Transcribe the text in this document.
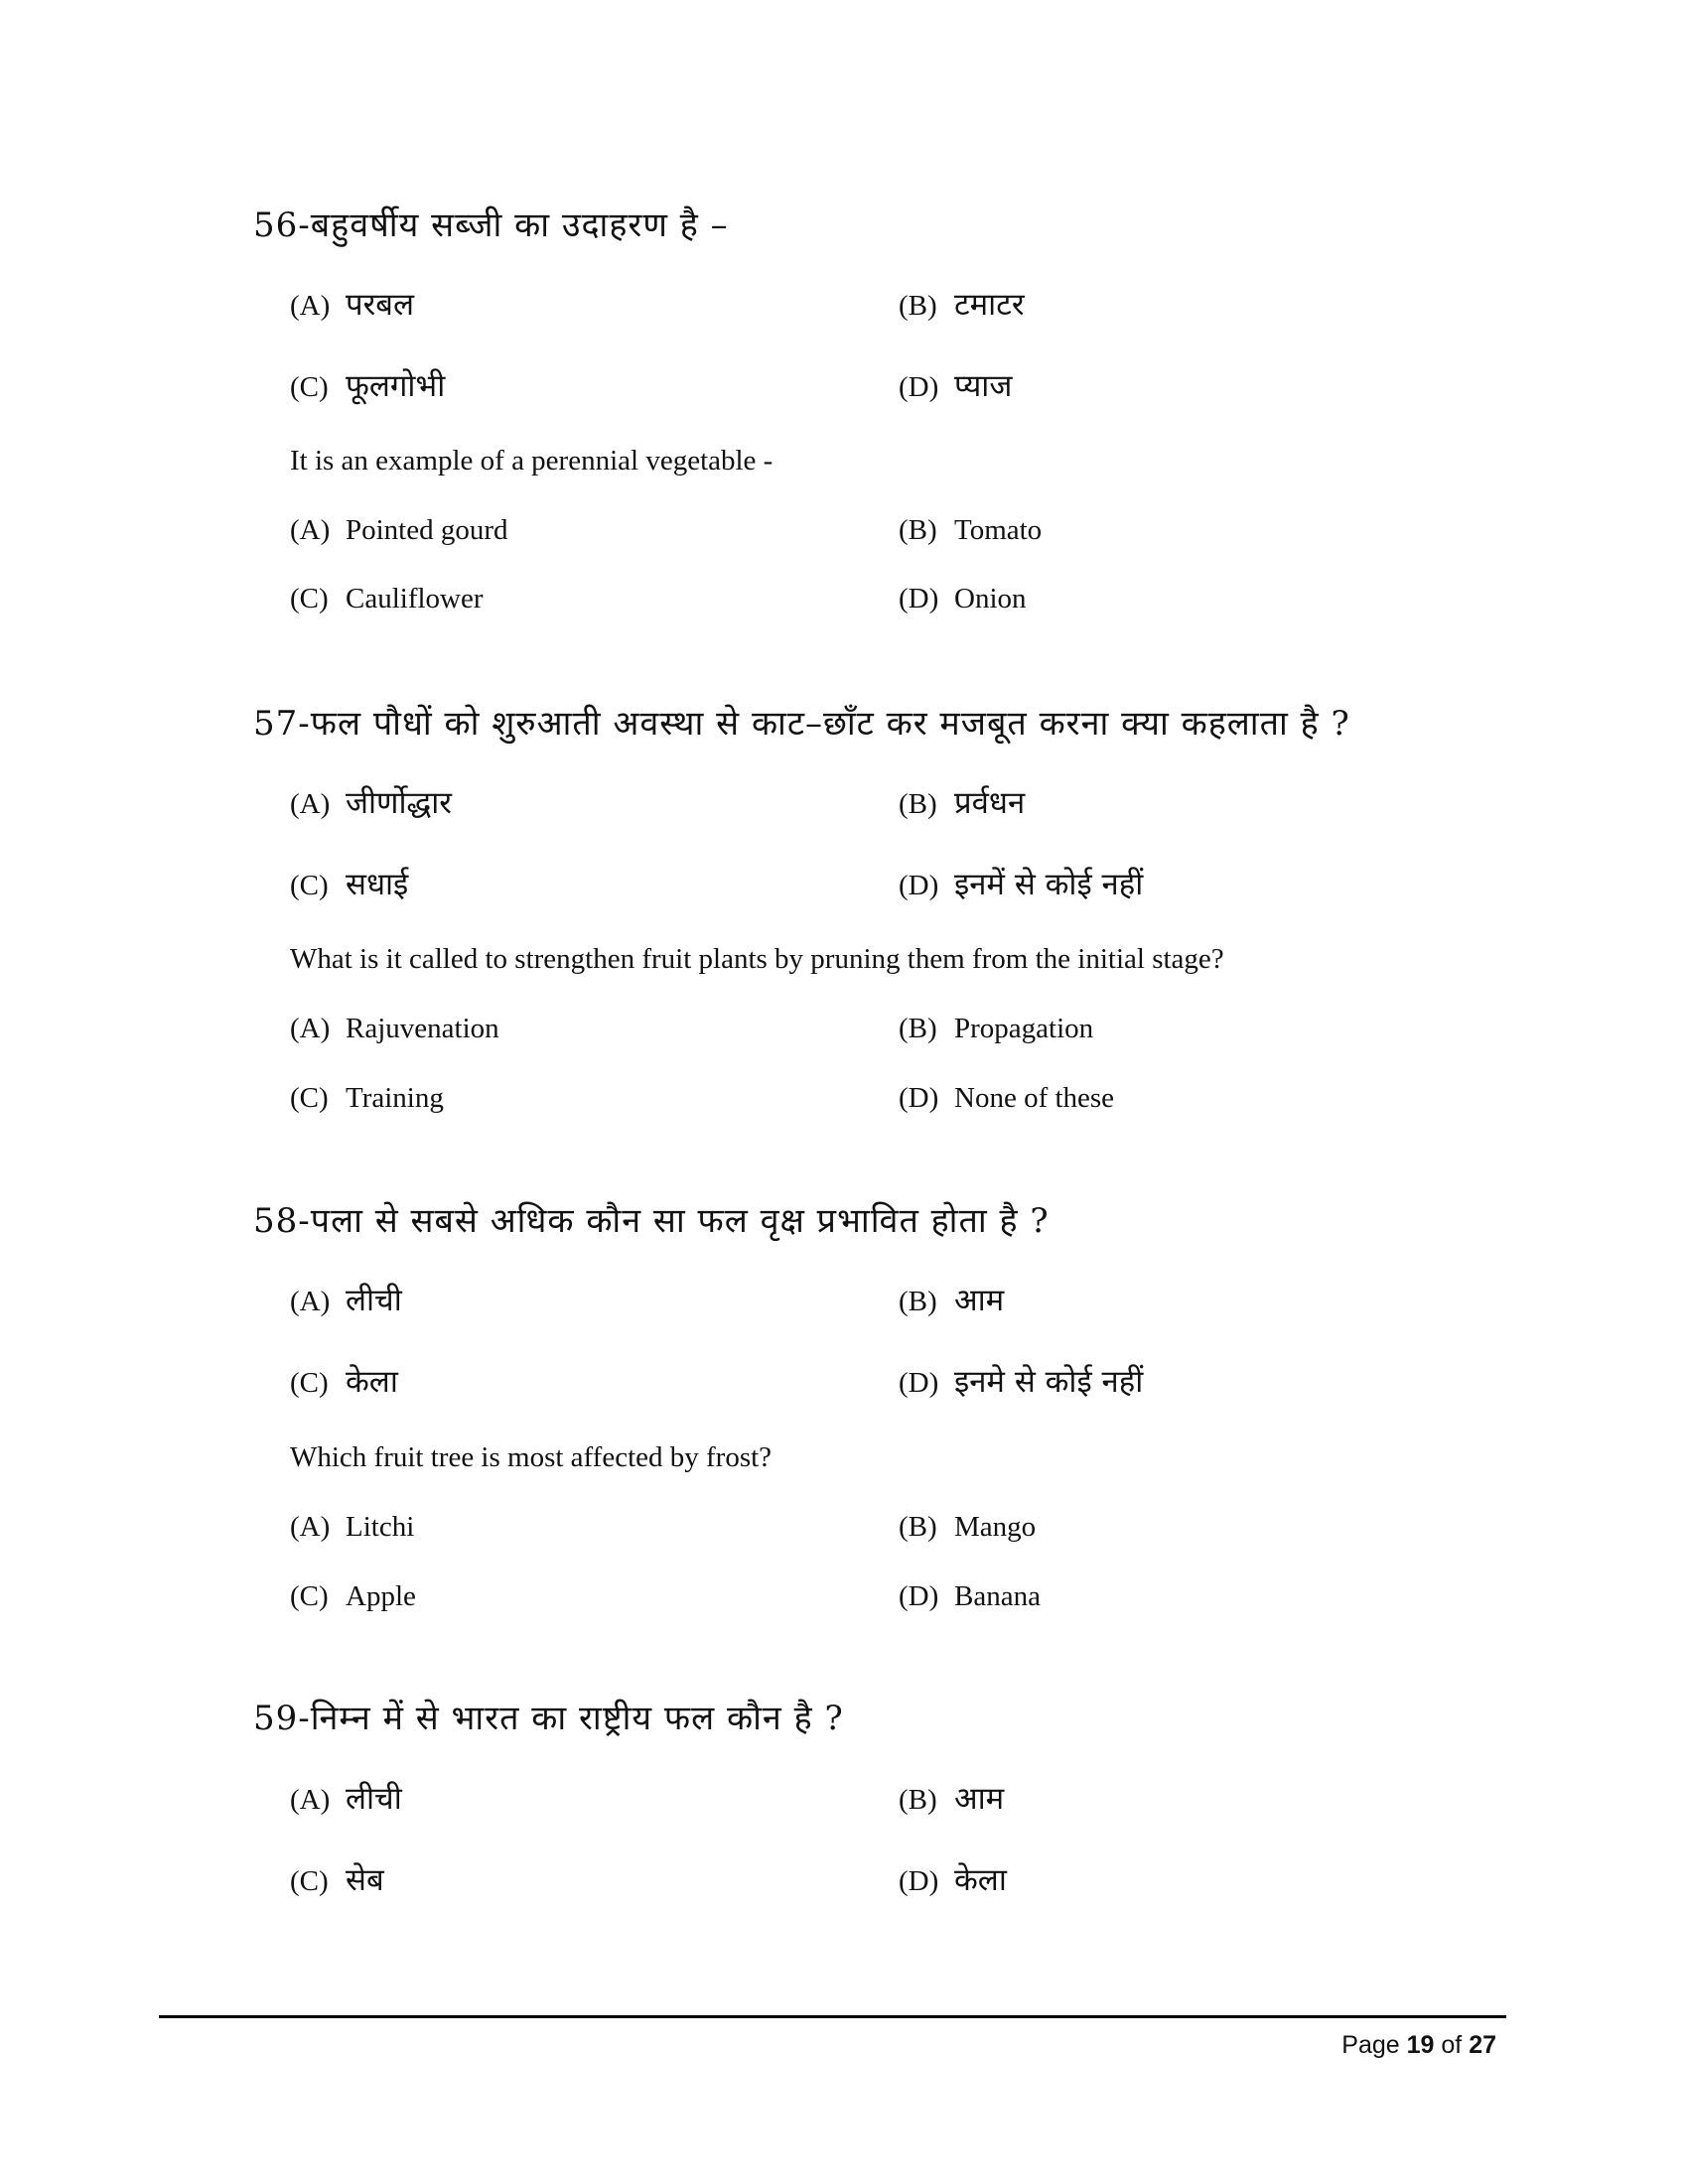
56-बहुवर्षीय सब्जी का उदाहरण है –
(A) परबल	(B) टमाटर
(C) फूलगोभी	(D) प्याज
It is an example of a perennial vegetable -
(A) Pointed gourd	(B) Tomato
(C) Cauliflower	(D) Onion
57-फल पौधों को शुरुआती अवस्था से काट–छाँट कर मजबूत करना क्या कहलाता है ?
(A) जीर्णोद्धार	(B) प्रर्वधन
(C) सधाई	(D) इनमें से कोई नहीं
What is it called to strengthen fruit plants by pruning them from the initial stage?
(A) Rajuvenation	(B) Propagation
(C) Training	(D) None of these
58-पला से सबसे अधिक कौन सा फल वृक्ष प्रभावित होता है ?
(A) लीची	(B) आम
(C) केला	(D) इनमे से कोई नहीं
Which fruit tree is most affected by frost?
(A) Litchi	(B) Mango
(C) Apple	(D) Banana
59-निम्न में से भारत का राष्ट्रीय फल कौन है ?
(A) लीची	(B) आम
(C) सेब	(D) केला
Page 19 of 27
